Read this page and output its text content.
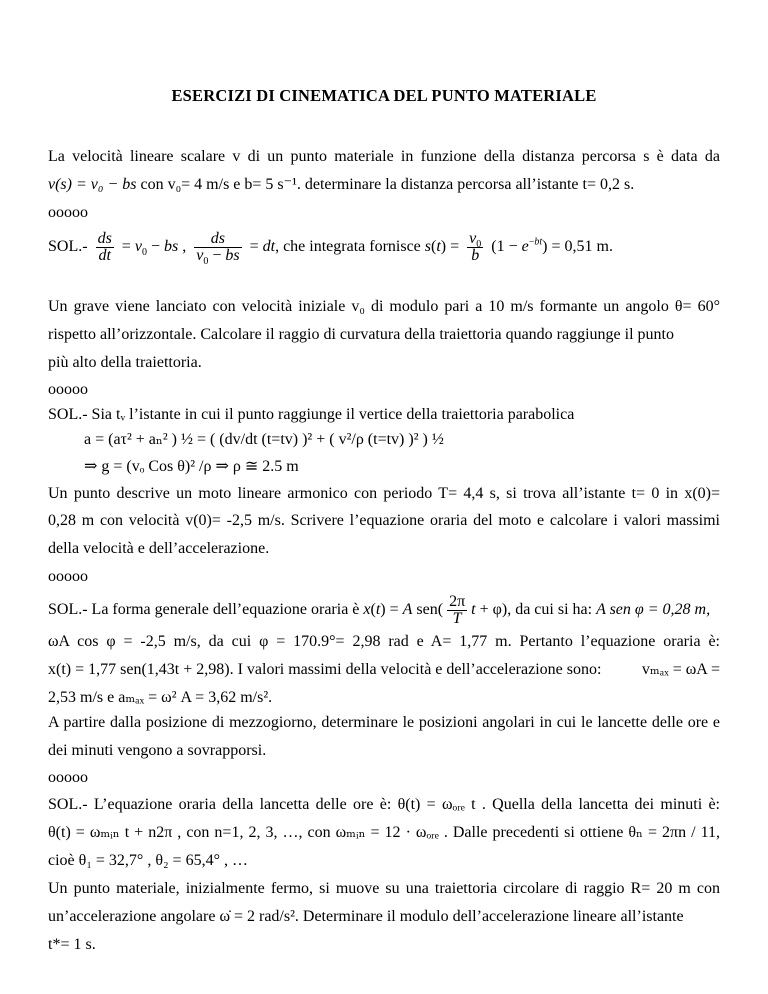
ESERCIZI DI CINEMATICA DEL PUNTO MATERIALE
La velocità lineare scalare v di un punto materiale in funzione della distanza percorsa s è data da
v(s) = v₀ − bs con v₀= 4 m/s e b= 5 s⁻¹. determinare la distanza percorsa all’istante t= 0,2 s.
ooooo
$SOL.- \frac{ds}{dt} = v_0$ − bs , $\frac{ds}{v_0 - bs}$ = dt, che integrata fornisce $s(t) = \frac{v_0}{b} (1 - e^{-bt}) = 0,51$ m.
Un grave viene lanciato con velocità iniziale v₀ di modulo pari a 10 m/s formante un angolo θ= 60°
rispetto all’orizzontale. Calcolare il raggio di curvatura della traiettoria quando raggiunge il punto
più alto della traiettoria.
ooooo
SOL.- Sia tᵥ l’istante in cui il punto raggiunge il vertice della traiettoria parabolica
a = (aτ² + aₙ² ) ½ = ( (dv/dt (t=tv) )² + ( v²/ρ (t=tv) )² ) ½
⇒ g = (vₒ Cos θ)² /ρ ⇒ ρ ≅ 2.5 m
Un punto descrive un moto lineare armonico con periodo T= 4,4 s, si trova all’istante t= 0 in x(0)=
0,28 m con velocità v(0)= -2,5 m/s. Scrivere l’equazione oraria del moto e calcolare i valori massimi
della velocità e dell’accelerazione.
ooooo
SOL.- La forma generale dell’equazione oraria è x(t) = A $sen( \frac{2\pi}{T}$ t + φ), da cui si ha: A sen φ = 0,28 m,
ωA cos φ = -2,5 m/s, da cui φ = 170.9°= 2,98 rad e A= 1,77 m. Pertanto l’equazione oraria è:
x(t) = 1,77 sen(1,43t + 2,98). I valori massimi della velocità e dell’accelerazione sono:	vₘₐₓ = ωA =
2,53 m/s e aₘₐₓ = ω² A = 3,62 m/s².
A partire dalla posizione di mezzogiorno, determinare le posizioni angolari in cui le lancette delle ore e
dei minuti vengono a sovrapporsi.
ooooo
SOL.- L’equazione oraria della lancetta delle ore è: θ(t) = ωₒᵣₑ t . Quella della lancetta dei minuti è:
θ(t) = ωₘᵢₙ t + n2π , con n=1, 2, 3, …, con ωₘᵢₙ = 12 · ωₒᵣₑ . Dalle precedenti si ottiene θₙ = 2πn / 11,
cioè θ₁ = 32,7° , θ₂ = 65,4° , …
Un punto materiale, inizialmente fermo, si muove su una traiettoria circolare di raggio R= 20 m con
un’accelerazione angolare ω̇ = 2 rad/s². Determinare il modulo dell’accelerazione lineare all’istante
t*= 1 s.
